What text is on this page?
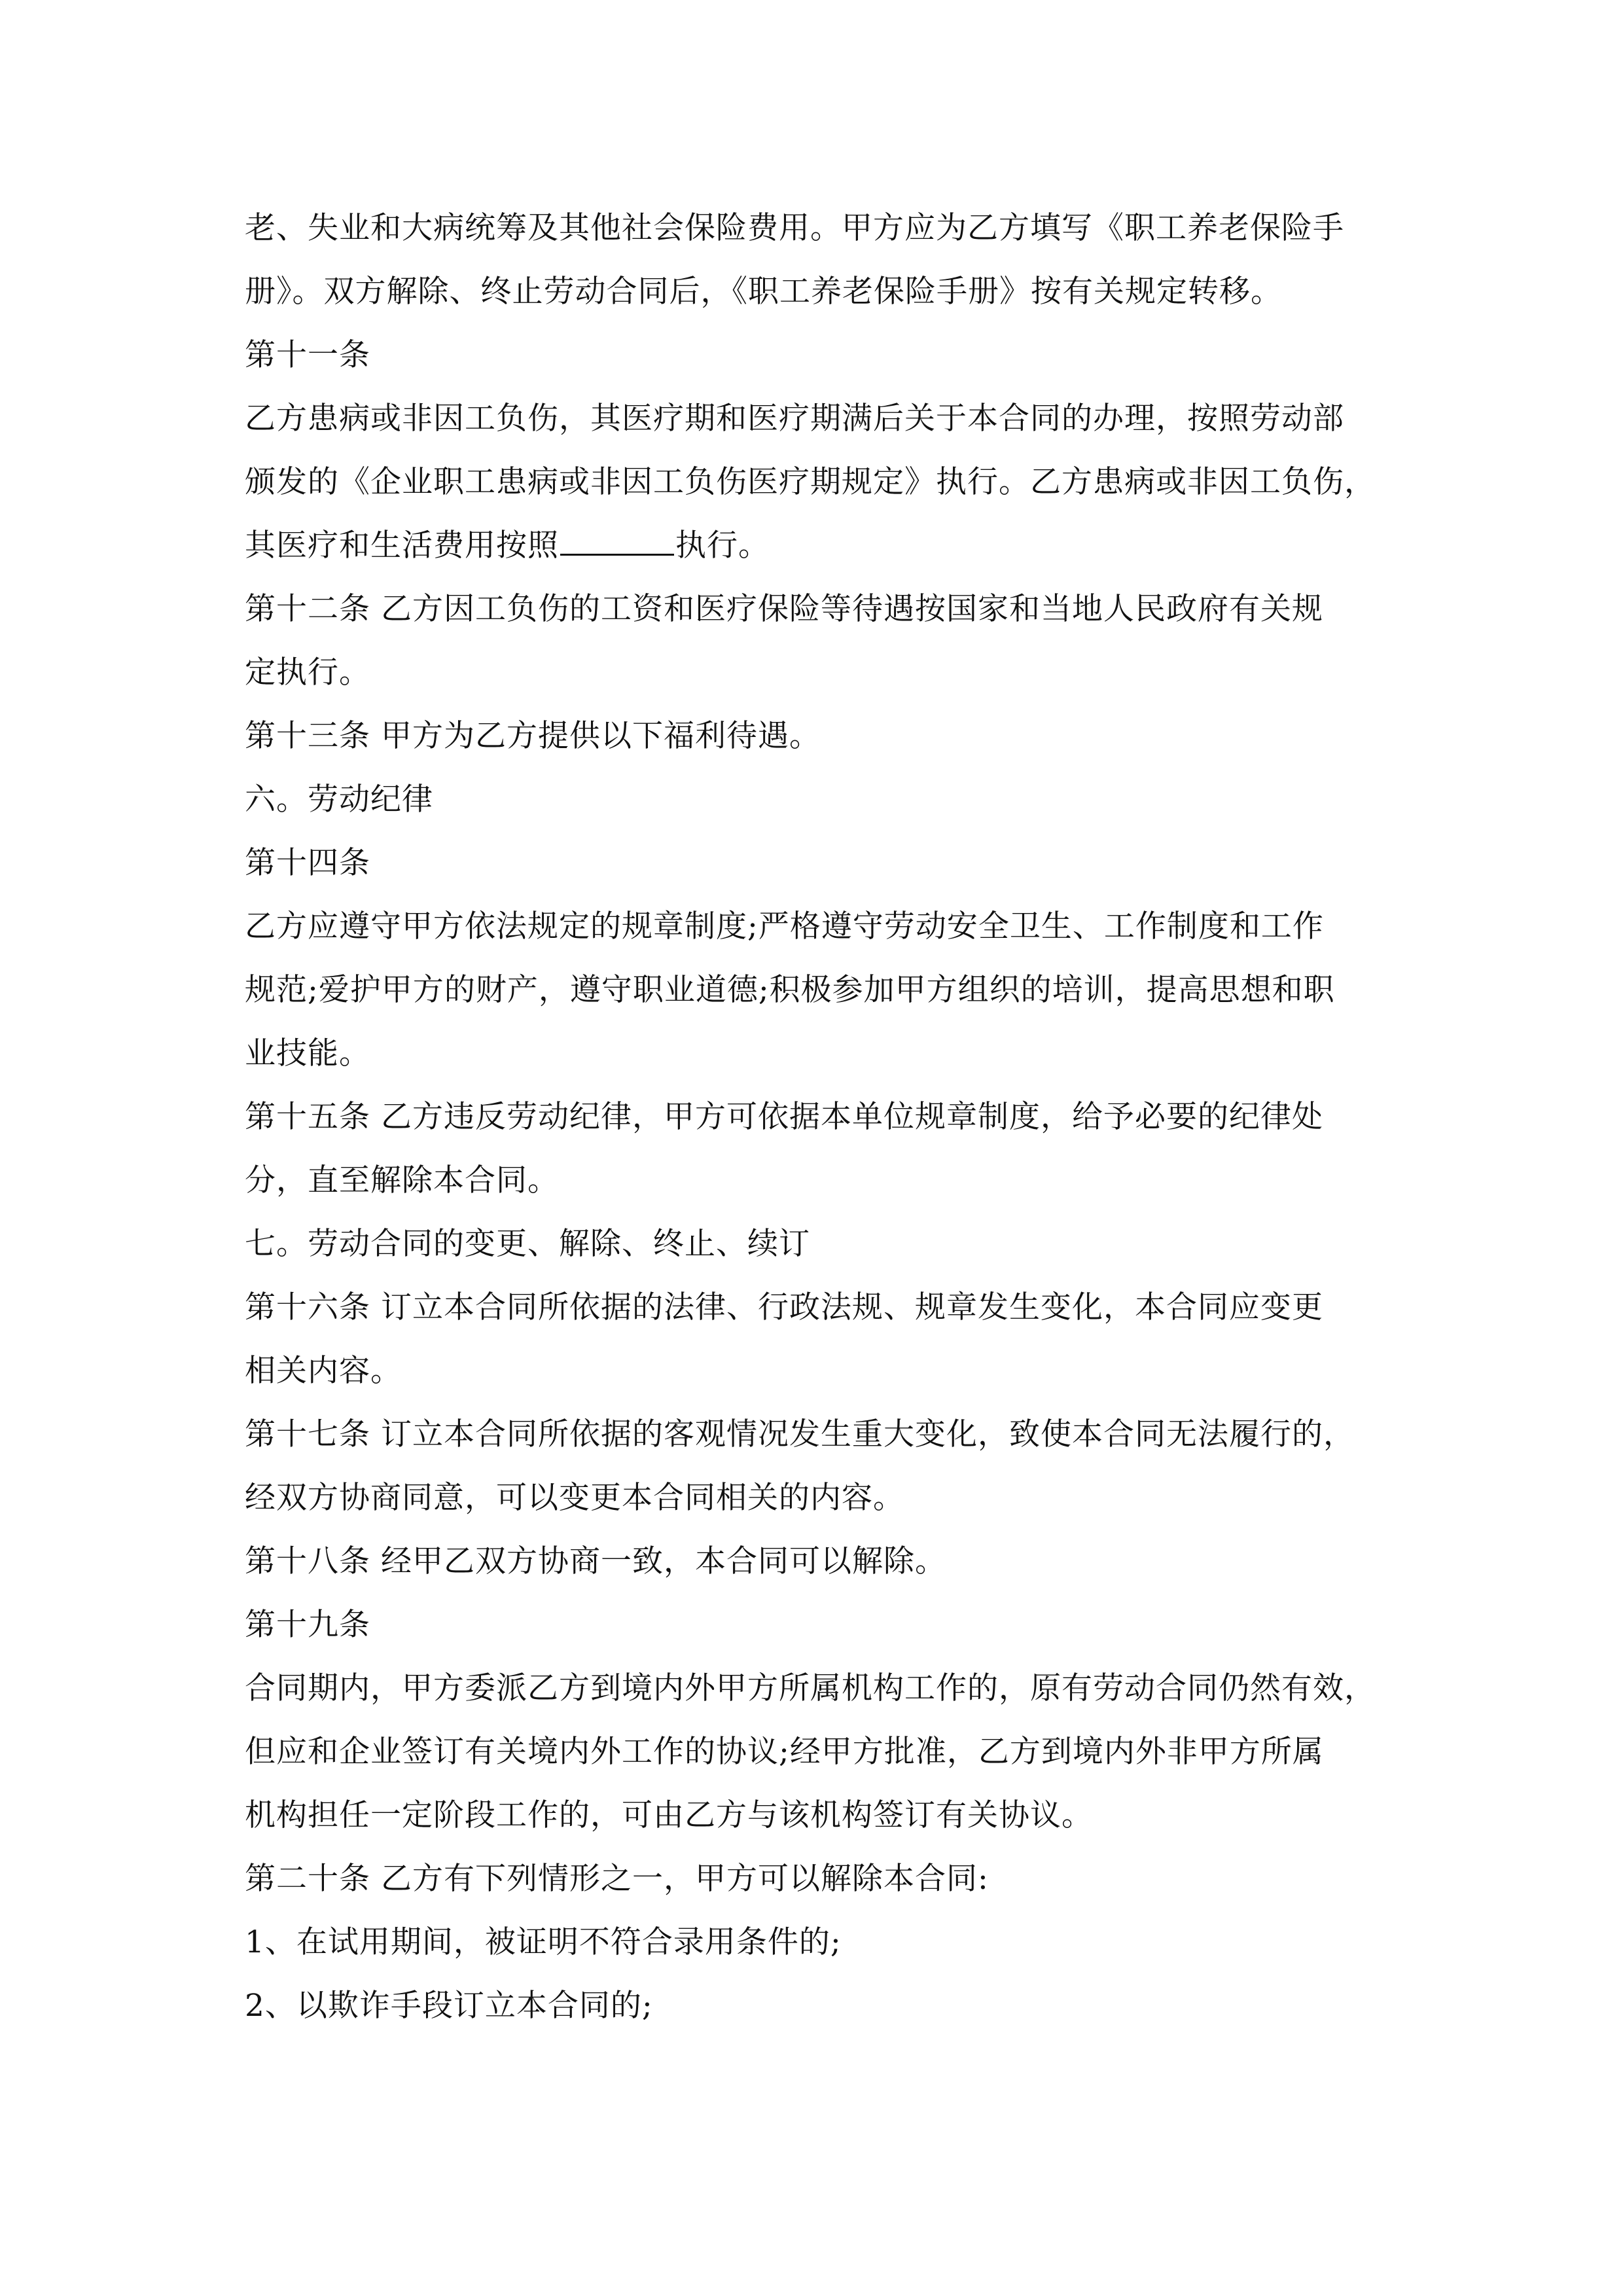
老、失业和大病统筹及其他社会保险费用。甲方应为乙方填写《职工养老保险手

册》。双方解除、终止劳动合同后，《职工养老保险手册》按有关规定转移。

第十一条

乙方患病或非因工负伤，其医疗期和医疗期满后关于本合同的办理，按照劳动部

颁发的《企业职工患病或非因工负伤医疗期规定》执行。乙方患病或非因工负伤，

其医疗和生活费用按照	执行。

第十二条 乙方因工负伤的工资和医疗保险等待遇按国家和当地人民政府有关规

定执行。

第十三条 甲方为乙方提供以下福利待遇。

六。劳动纪律

第十四条

乙方应遵守甲方依法规定的规章制度;严格遵守劳动安全卫生、工作制度和工作

规范;爱护甲方的财产，遵守职业道德;积极参加甲方组织的培训，提高思想和职

业技能。

第十五条 乙方违反劳动纪律，甲方可依据本单位规章制度，给予必要的纪律处

分，直至解除本合同。

七。劳动合同的变更、解除、终止、续订

第十六条 订立本合同所依据的法律、行政法规、规章发生变化，本合同应变更

相关内容。

第十七条 订立本合同所依据的客观情况发生重大变化，致使本合同无法履行的，

经双方协商同意，可以变更本合同相关的内容。

第十八条 经甲乙双方协商一致，本合同可以解除。

第十九条

合同期内，甲方委派乙方到境内外甲方所属机构工作的，原有劳动合同仍然有效，

但应和企业签订有关境内外工作的协议;经甲方批准，乙方到境内外非甲方所属

机构担任一定阶段工作的，可由乙方与该机构签订有关协议。

第二十条 乙方有下列情形之一，甲方可以解除本合同:

1、在试用期间，被证明不符合录用条件的;

2、以欺诈手段订立本合同的;
